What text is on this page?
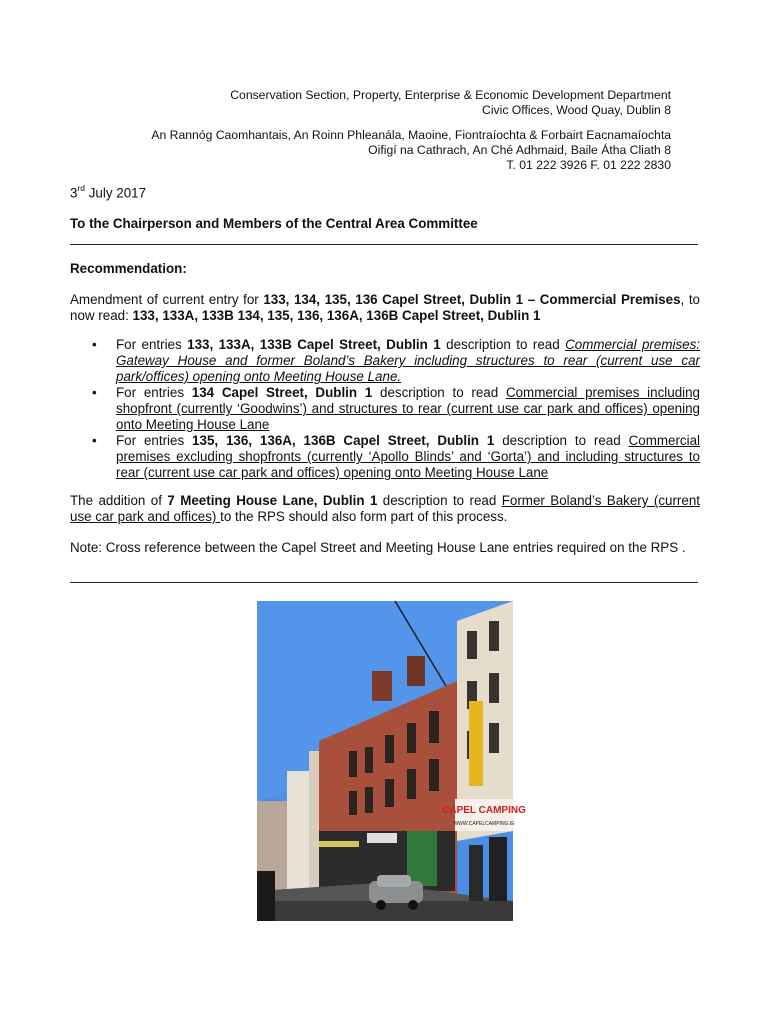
Conservation Section, Property, Enterprise & Economic Development Department
Civic Offices, Wood Quay, Dublin 8
An Rannóg Caomhantais, An Roinn Phleanála, Maoine, Fiontraíochta & Forbairt Eacnamaíochta
Oifigí na Cathrach, An Ché Adhmaid, Baile Átha Cliath 8
T. 01 222 3926 F. 01 222 2830
3rd July 2017
To the Chairperson and Members of the Central Area Committee
Recommendation:
Amendment of current entry for 133, 134, 135, 136 Capel Street, Dublin 1 – Commercial Premises, to now read: 133, 133A, 133B 134, 135, 136, 136A, 136B Capel Street, Dublin 1
• For entries 133, 133A, 133B Capel Street, Dublin 1 description to read Commercial premises: Gateway House and former Boland’s Bakery including structures to rear (current use car park/offices) opening onto Meeting House Lane.
• For entries 134 Capel Street, Dublin 1 description to read Commercial premises including shopfront (currently ‘Goodwins’) and structures to rear (current use car park and offices) opening onto Meeting House Lane
• For entries 135, 136, 136A, 136B Capel Street, Dublin 1 description to read Commercial premises excluding shopfronts (currently ‘Apollo Blinds’ and ‘Gorta’) and including structures to rear (current use car park and offices) opening onto Meeting House Lane
The addition of 7 Meeting House Lane, Dublin 1 description to read Former Boland’s Bakery (current use car park and offices) to the RPS should also form part of this process.
Note: Cross reference between the Capel Street and Meeting House Lane entries required on the RPS .
CAPEL CAMPING
WWW.CAPELCAMPING.IE
